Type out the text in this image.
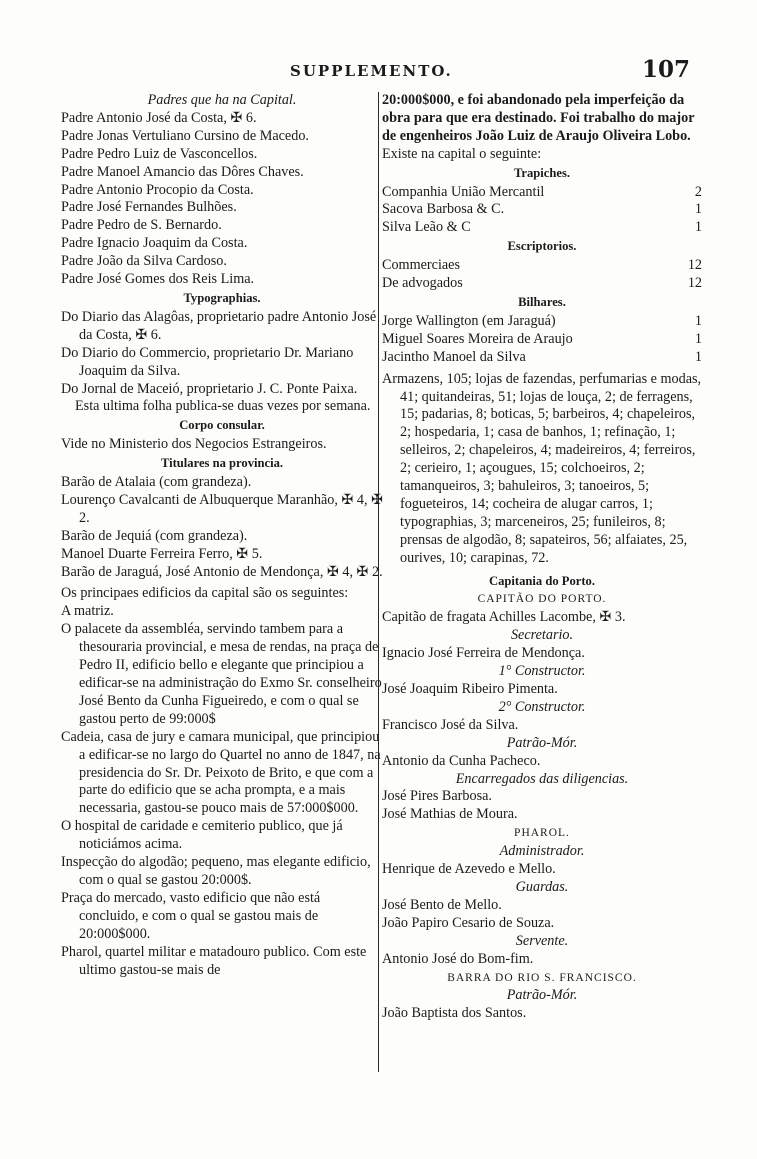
SUPPLEMENTO.	107

Padres que ha na Capital.

Padre Antonio José da Costa, ✠ 6.

Padre Jonas Vertuliano Cursino de Macedo.

Padre Pedro Luiz de Vasconcellos.

Padre Manoel Amancio das Dôres Chaves.

Padre Antonio Procopio da Costa.

Padre José Fernandes Bulhões.

Padre Pedro de S. Bernardo.

Padre Ignacio Joaquim da Costa.

Padre João da Silva Cardoso.

Padre José Gomes dos Reis Lima.

Typographias.

Do Diario das Alagôas, proprietario padre Antonio José da Costa, ✠ 6.

Do Diario do Commercio, proprietario Dr. Mariano Joaquim da Silva.

Do Jornal de Maceió, proprietario J. C. Ponte Paixa.

Esta ultima folha publica-se duas vezes por semana.

Corpo consular.

Vide no Ministerio dos Negocios Estrangeiros.

Titulares na provincia.

Barão de Atalaia (com grandeza).

Lourenço Cavalcanti de Albuquerque Maranhão, ✠ 4, ✠ 2.

Barão de Jequiá (com grandeza).

Manoel Duarte Ferreira Ferro, ✠ 5.

Barão de Jaraguá, José Antonio de Mendonça, ✠ 4, ✠ 2.

Os principaes edificios da capital são os seguintes:

A matriz.

O palacete da assembléa, servindo tambem para a thesouraria provincial, e mesa de rendas, na praça de Pedro II, edificio bello e elegante que principiou a edificar-se na administração do Exmo Sr. conselheiro José Bento da Cunha Figueiredo, e com o qual se gastou perto de 99:000$

Cadeia, casa de jury e camara municipal, que principiou a edificar-se no largo do Quartel no anno de 1847, na presidencia do Sr. Dr. Peixoto de Brito, e que com a parte do edificio que se acha prompta, e a mais necessaria, gastou-se pouco mais de 57:000$000.

O hospital de caridade e cemiterio publico, que já noticiámos acima.

Inspecção do algodão; pequeno, mas elegante edificio, com o qual se gastou 20:000$.

Praça do mercado, vasto edificio que não está concluido, e com o qual se gastou mais de 20:000$000.

Pharol, quartel militar e matadouro publico. Com este ultimo gastou-se mais de

20:000$000, e foi abandonado pela imperfeição da obra para que era destinado. Foi trabalho do major de engenheiros João Luiz de Araujo Oliveira Lobo.

Existe na capital o seguinte:

Trapiches.

Companhia União Mercantil	2
Sacova Barbosa & C.	1
Silva Leão & C	1

Escriptorios.

Commerciaes	12
De advogados	12

Bilhares.

Jorge Wallington (em Jaraguá)	1
Miguel Soares Moreira de Araujo	1
Jacintho Manoel da Silva	1

Armazens, 105; lojas de fazendas, perfumarias e modas, 41; quitandeiras, 51; lojas de louça, 2; de ferragens, 15; padarias, 8; boticas, 5; barbeiros, 4; chapeleiros, 2; hospedaria, 1; casa de banhos, 1; refinação, 1; selleiros, 2; chapeleiros, 4; madeireiros, 4; ferreiros, 2; cerieiro, 1; açougues, 15; colchoeiros, 2; tamanqueiros, 3; bahuleiros, 3; tanoeiros, 5; fogueteiros, 14; cocheira de alugar carros, 1; typographias, 3; marceneiros, 25; funileiros, 8; prensas de algodão, 8; sapateiros, 56; alfaiates, 25, ourives, 10; carapinas, 72.

Capitania do Porto.

CAPITÃO DO PORTO.

Capitão de fragata Achilles Lacombe, ✠ 3.

Secretario.

Ignacio José Ferreira de Mendonça.

1° Constructor.

José Joaquim Ribeiro Pimenta.

2° Constructor.

Francisco José da Silva.

Patrão-Mór.

Antonio da Cunha Pacheco.

Encarregados das diligencias.

José Pires Barbosa.

José Mathias de Moura.

PHAROL.

Administrador.

Henrique de Azevedo e Mello.

Guardas.

José Bento de Mello.

João Papiro Cesario de Souza.

Servente.

Antonio José do Bom-fim.

BARRA DO RIO S. FRANCISCO.

Patrão-Mór.

João Baptista dos Santos.
